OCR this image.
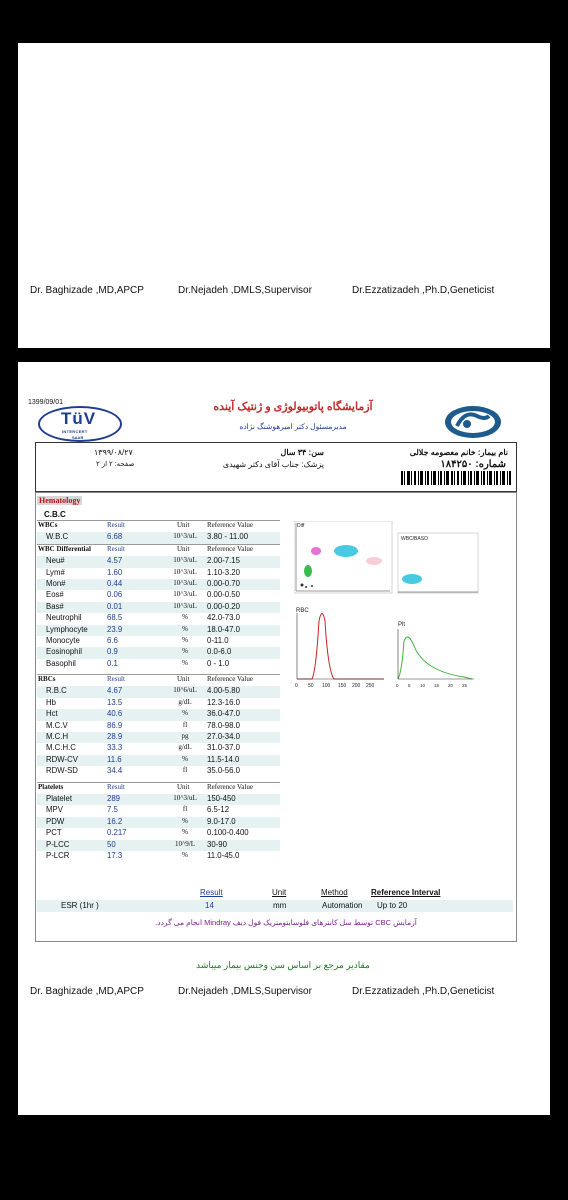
Dr. Baghizade ,MD,APCP	Dr.Nejadeh ,DMLS,Supervisor	Dr.Ezzatizadeh ,Ph.D,Geneticist
1399/09/01
TüV
INTERCERT
SAAR
آزمایشگاه پاتوبیولوژی و ژنتیک آینده
مدیرمسئول دکتر امیرهوشنگ نژاده
نام بیمار: خانم معصومه جلالی
سن: ۳۴ سال
پزشک: جناب آقای دکتر شهیدی
۱۳۹۹/۰۸/۲۷
صفحه: ۲ از ۲	شماره: ۱۸۴۲۵۰
Hematology
C.B.C
WBCs	Result	Unit	Reference Value
W.B.C	6.68	10^3/uL	3.80 - 11.00
WBC Differential Result	Unit	Reference Value
Neu#	4.57	10^3/uL	2.00-7.15
Lym#	1.60	10^3/uL	1.10-3.20
Mon#	0.44	10^3/uL	0.00-0.70
Eos#	0.06	10^3/uL	0.00-0.50
Bas#	0.01	10^3/uL	0.00-0.20
Neutrophil	68.5	%	42.0-73.0
Lymphocyte 23.9	%	18.0-47.0
Monocyte	6.6	%	0-11.0
Eosinophil	0.9	%	0.0-6.0
Basophil	0.1	%	0 - 1.0
RBCs	Result	Unit	Reference Value
R.B.C	4.67	10^6/uL	4.00-5.80
Hb	13.5	g/dL	12.3-16.0
Hct	40.6	%	36.0-47.0
M.C.V	86.9	fl	78.0-98.0
M.C.H	28.9	pg	27.0-34.0
M.C.H.C	33.3	g/dL	31.0-37.0
RDW-CV	11.6	%	11.5-14.0
RDW-SD	34.4	fl	35.0-56.0
Platelets	Result	Unit	Reference Value
Platelet	289	10^3/uL	150-450
MPV	7.5	fl	6.5-12
PDW	16.2	%	9.0-17.0
PCT	0.217	%	0.100-0.400
P-LCC	50	10^9/L	30-90
P-LCR	17.3	%	11.0-45.0
Diff
WBC/BASO
RBC
0 50 100 150 200 250
Plt
0 5 10 15 20 25
Result	Unit	Method	Reference Interval
ESR (1hr )	14	mm	Automation Up to 20
آزمایش CBC توسط سل کانترهای فلوسایتومتریک فول دیف Mindray انجام می گردد.
مقادیر مرجع بر اساس سن وجنس بیمار میباشد
Dr. Baghizade ,MD,APCP	Dr.Nejadeh ,DMLS,Supervisor	Dr.Ezzatizadeh ,Ph.D,Geneticist
